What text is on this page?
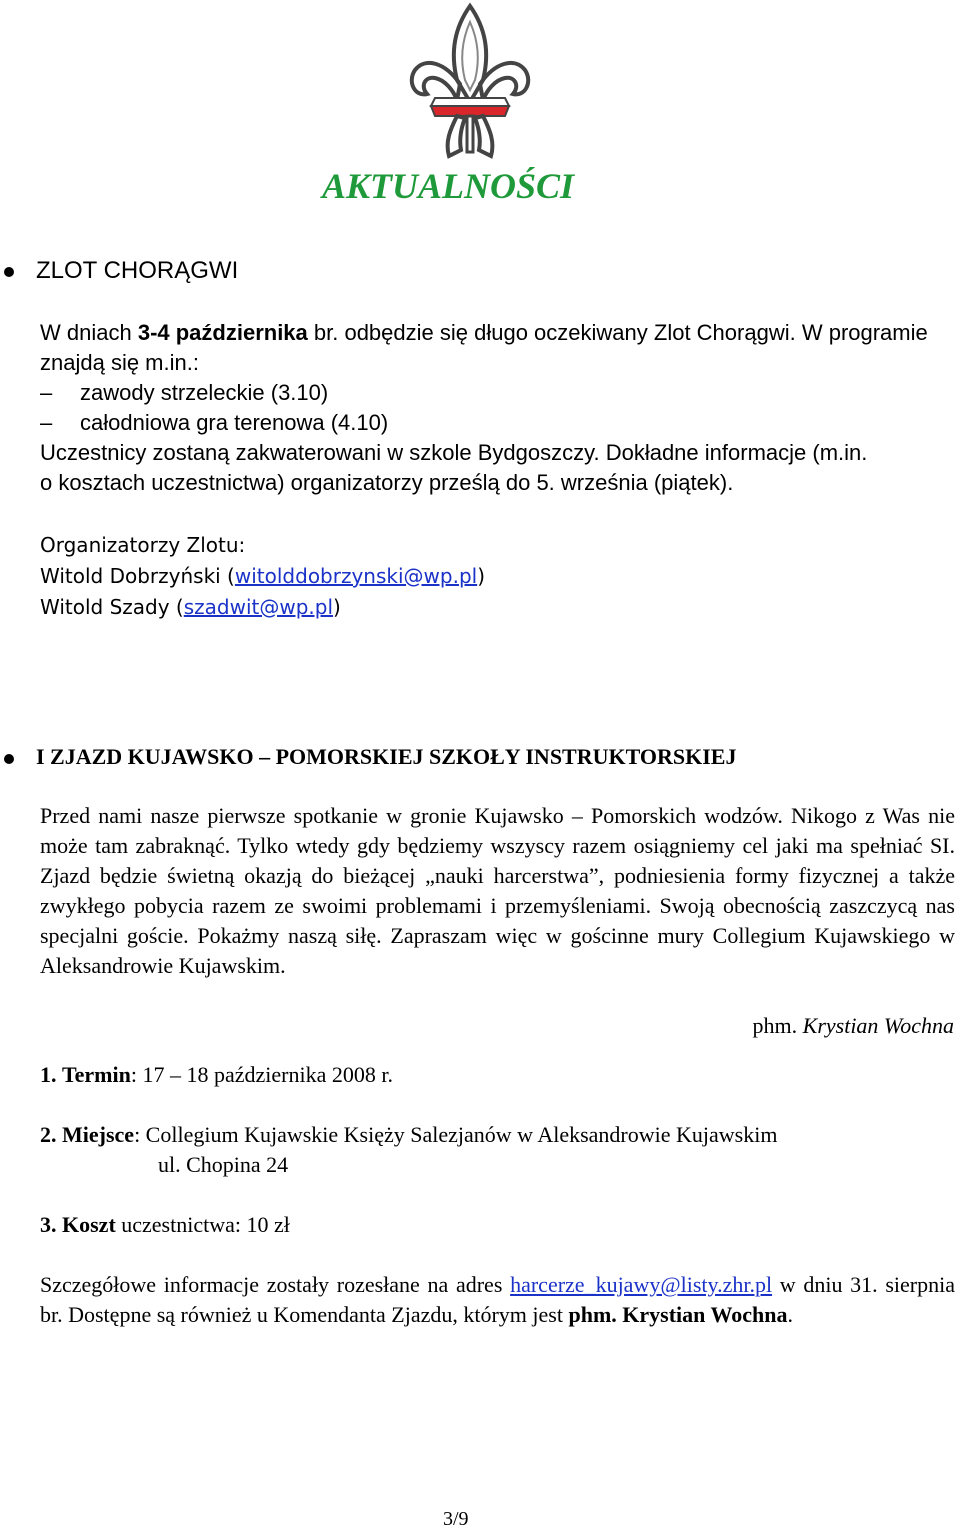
AKTUALNOŚCI
ZLOT CHORĄGWI
W dniach 3-4 października br. odbędzie się długo oczekiwany Zlot Chorągwi. W programie znajdą się m.in.:
– zawody strzeleckie (3.10)
– całodniowa gra terenowa (4.10)
Uczestnicy zostaną zakwaterowani w szkole Bydgoszczy. Dokładne informacje (m.in.
o kosztach uczestnictwa) organizatorzy prześlą do 5. września (piątek).
Organizatorzy Zlotu:
Witold Dobrzyński (witolddobrzynski@wp.pl)
Witold Szady (szadwit@wp.pl)
I ZJAZD KUJAWSKO – POMORSKIEJ SZKOŁY INSTRUKTORSKIEJ
Przed nami nasze pierwsze spotkanie w gronie Kujawsko – Pomorskich wodzów. Nikogo z Was nie może tam zabraknąć. Tylko wtedy gdy będziemy wszyscy razem osiągniemy cel jaki ma spełniać SI. Zjazd będzie świetną okazją do bieżącej „nauki harcerstwa”, podniesienia formy fizycznej a także zwykłego pobycia razem ze swoimi problemami i przemyśleniami. Swoją obecnością zaszczycą nas specjalni goście. Pokażmy naszą siłę. Zapraszam więc w gościnne mury Collegium Kujawskiego w Aleksandrowie Kujawskim.
phm. Krystian Wochna
1. Termin: 17 – 18 października 2008 r.
2. Miejsce: Collegium Kujawskie Księży Salezjanów w Aleksandrowie Kujawskim
ul. Chopina 24
3. Koszt uczestnictwa: 10 zł
Szczegółowe informacje zostały rozesłane na adres harcerze_kujawy@listy.zhr.pl w dniu 31. sierpnia br. Dostępne są również u Komendanta Zjazdu, którym jest phm. Krystian Wochna.
3/9
